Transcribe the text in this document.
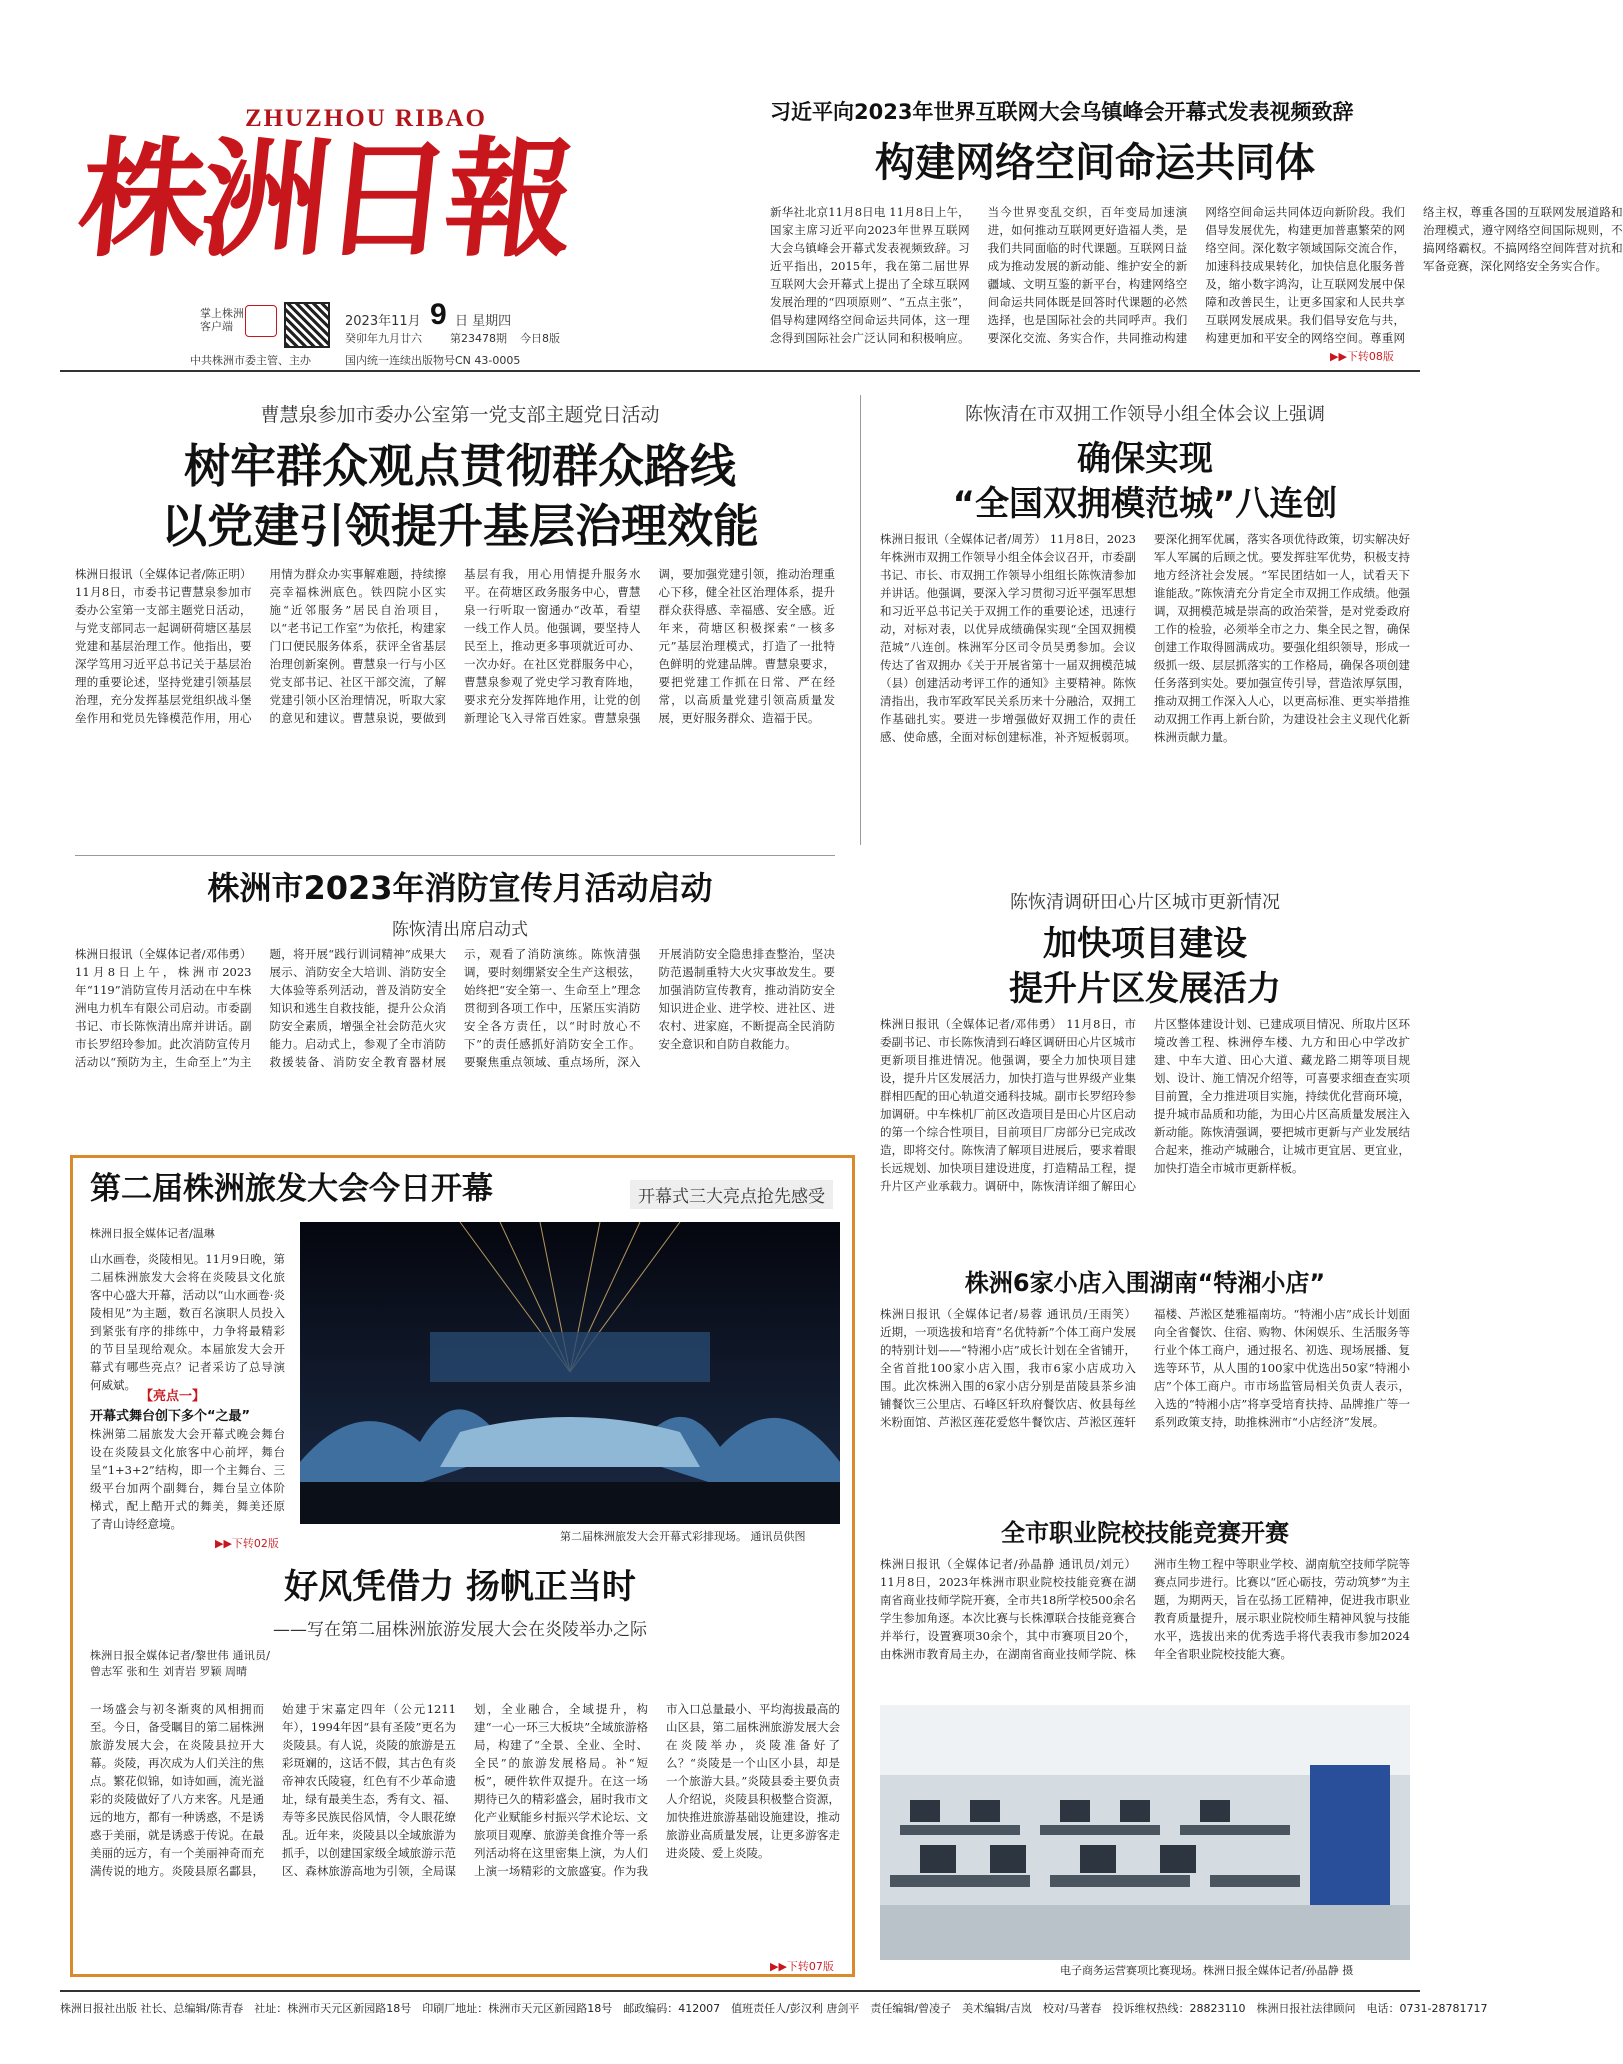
ZHUZHOU RIBAO
株洲日報
掌上株洲
客户端	2023年11月 9 日 星期四
癸卯年九月廿六	第23478期 今日8版
中共株洲市委主管、主办	国内统一连续出版物号CN 43-0005
习近平向2023年世界互联网大会乌镇峰会开幕式发表视频致辞
构建网络空间命运共同体
新华社北京11月8日电 11月8日上午，国家主席习近平向2023年世界互联网大会乌镇峰会开幕式发表视频致辞。习近平指出，2015年，我在第二届世界互联网大会开幕式上提出了全球互联网发展治理的“四项原则”、“五点主张”，倡导构建网络空间命运共同体，这一理念得到国际社会广泛认同和积极响应。当今世界变乱交织，百年变局加速演进，如何推动互联网更好造福人类，是我们共同面临的时代课题。互联网日益成为推动发展的新动能、维护安全的新疆域、文明互鉴的新平台，构建网络空间命运共同体既是回答时代课题的必然选择，也是国际社会的共同呼声。我们要深化交流、务实合作，共同推动构建网络空间命运共同体迈向新阶段。我们倡导发展优先，构建更加普惠繁荣的网络空间。深化数字领域国际交流合作，加速科技成果转化，加快信息化服务普及，缩小数字鸿沟，让互联网发展中保障和改善民生，让更多国家和人民共享互联网发展成果。我们倡导安危与共，构建更加和平安全的网络空间。尊重网络主权，尊重各国的互联网发展道路和治理模式，遵守网络空间国际规则，不搞网络霸权。不搞网络空间阵营对抗和军备竞赛，深化网络安全务实合作。
▶▶下转08版
曹慧泉参加市委办公室第一党支部主题党日活动
树牢群众观点贯彻群众路线
以党建引领提升基层治理效能
株洲日报讯（全媒体记者/陈正明） 11月8日，市委书记曹慧泉参加市委办公室第一支部主题党日活动，与党支部同志一起调研荷塘区基层党建和基层治理工作。他指出，要深学笃用习近平总书记关于基层治理的重要论述，坚持党建引领基层治理，充分发挥基层党组织战斗堡垒作用和党员先锋模范作用，用心用情为群众办实事解难题，持续擦亮幸福株洲底色。铁四院小区实施“近邻服务”居民自治项目，以“老书记工作室”为依托，构建家门口便民服务体系，获评全省基层治理创新案例。曹慧泉一行与小区党支部书记、社区干部交流，了解党建引领小区治理情况，听取大家的意见和建议。曹慧泉说，要做到基层有我，用心用情提升服务水平。在荷塘区政务服务中心，曹慧泉一行听取一窗通办“改革，看望一线工作人员。他强调，要坚持人民至上，推动更多事项就近可办、一次办好。在社区党群服务中心，曹慧泉参观了党史学习教育阵地，要求充分发挥阵地作用，让党的创新理论飞入寻常百姓家。曹慧泉强调，要加强党建引领，推动治理重心下移，健全社区治理体系，提升群众获得感、幸福感、安全感。近年来，荷塘区积极探索“一核多元”基层治理模式，打造了一批特色鲜明的党建品牌。曹慧泉要求，要把党建工作抓在日常、严在经常，以高质量党建引领高质量发展，更好服务群众、造福于民。
陈恢清在市双拥工作领导小组全体会议上强调
确保实现
“全国双拥模范城”八连创
株洲日报讯（全媒体记者/周芳） 11月8日，2023年株洲市双拥工作领导小组全体会议召开，市委副书记、市长、市双拥工作领导小组组长陈恢清参加并讲话。他强调，要深入学习贯彻习近平强军思想和习近平总书记关于双拥工作的重要论述，迅速行动，对标对表，以优异成绩确保实现“全国双拥模范城”八连创。株洲军分区司令员吴勇参加。会议传达了省双拥办《关于开展省第十一届双拥模范城（县）创建活动考评工作的通知》主要精神。陈恢清指出，我市军政军民关系历来十分融洽，双拥工作基础扎实。要进一步增强做好双拥工作的责任感、使命感，全面对标创建标准，补齐短板弱项。要深化拥军优属，落实各项优待政策，切实解决好军人军属的后顾之忧。要发挥驻军优势，积极支持地方经济社会发展。“军民团结如一人，试看天下谁能敌。”陈恢清充分肯定全市双拥工作成绩。他强调，双拥模范城是崇高的政治荣誉，是对党委政府工作的检验，必须举全市之力、集全民之智，确保创建工作取得圆满成功。要强化组织领导，形成一级抓一级、层层抓落实的工作格局，确保各项创建任务落到实处。要加强宣传引导，营造浓厚氛围，推动双拥工作深入人心，以更高标准、更实举措推动双拥工作再上新台阶，为建设社会主义现代化新株洲贡献力量。
株洲市2023年消防宣传月活动启动
陈恢清出席启动式
株洲日报讯（全媒体记者/邓伟勇） 11月8日上午，株洲市2023年“119”消防宣传月活动在中车株洲电力机车有限公司启动。市委副书记、市长陈恢清出席并讲话。副市长罗绍玲参加。此次消防宣传月活动以“预防为主，生命至上”为主题，将开展“践行训词精神”成果大展示、消防安全大培训、消防安全大体验等系列活动，普及消防安全知识和逃生自救技能，提升公众消防安全素质，增强全社会防范火灾能力。启动式上，参观了全市消防救援装备、消防安全教育器材展示，观看了消防演练。陈恢清强调，要时刻绷紧安全生产这根弦，始终把“安全第一、生命至上”理念贯彻到各项工作中，压紧压实消防安全各方责任，以“时时放心不下”的责任感抓好消防安全工作。要聚焦重点领域、重点场所，深入开展消防安全隐患排查整治，坚决防范遏制重特大火灾事故发生。要加强消防宣传教育，推动消防安全知识进企业、进学校、进社区、进农村、进家庭，不断提高全民消防安全意识和自防自救能力。
陈恢清调研田心片区城市更新情况
加快项目建设
提升片区发展活力
株洲日报讯（全媒体记者/邓伟勇） 11月8日，市委副书记、市长陈恢清到石峰区调研田心片区城市更新项目推进情况。他强调，要全力加快项目建设，提升片区发展活力，加快打造与世界级产业集群相匹配的田心轨道交通科技城。副市长罗绍玲参加调研。中车株机厂前区改造项目是田心片区启动的第一个综合性项目，目前项目厂房部分已完成改造，即将交付。陈恢清了解项目进展后，要求着眼长远规划、加快项目建设进度，打造精品工程，提升片区产业承载力。调研中，陈恢清详细了解田心片区整体建设计划、已建成项目情况、所取片区环境改善工程、株洲停车楼、九方和田心中学改扩建、中车大道、田心大道、藏龙路二期等项目规划、设计、施工情况介绍等，可喜要求细查查实项目前置，全力推进项目实施，持续优化营商环境，提升城市品质和功能，为田心片区高质量发展注入新动能。陈恢清强调，要把城市更新与产业发展结合起来，推动产城融合，让城市更宜居、更宜业，加快打造全市城市更新样板。
第二届株洲旅发大会今日开幕	开幕式三大亮点抢先感受
株洲日报全媒体记者/温琳
山水画卷，炎陵相见。11月9日晚，第二届株洲旅发大会将在炎陵县文化旅客中心盛大开幕，活动以“山水画卷·炎陵相见”为主题，数百名演职人员投入到紧张有序的排练中，力争将最精彩的节目呈现给观众。本届旅发大会开幕式有哪些亮点？记者采访了总导演何威斌。
【亮点一】
开幕式舞台创下多个“之最”
株洲第二届旅发大会开幕式晚会舞台设在炎陵县文化旅客中心前坪，舞台呈“1+3+2”结构，即一个主舞台、三级平台加两个副舞台，舞台呈立体阶梯式，配上酷开式的舞美，舞美还原了青山诗经意境。
▶▶下转02版
第二届株洲旅发大会开幕式彩排现场。 通讯员供图
好风凭借力 扬帆正当时
——写在第二届株洲旅游发展大会在炎陵举办之际
株洲日报全媒体记者/黎世伟 通讯员/曾志军 张和生 刘青岩 罗颖 周晴
一场盛会与初冬渐爽的风相拥而至。今日，备受瞩目的第二届株洲旅游发展大会，在炎陵县拉开大幕。炎陵，再次成为人们关注的焦点。繁花似锦，如诗如画，流光溢彩的炎陵做好了八方来客。凡是通远的地方，都有一种诱惑，不是诱惑于美丽，就是诱惑于传说。在最美丽的远方，有一个美丽神奇而充满传说的地方。炎陵县原名酃县，始建于宋嘉定四年（公元1211年），1994年因“县有圣陵”更名为炎陵县。有人说，炎陵的旅游是五彩斑斓的，这话不假，其古色有炎帝神农氏陵寝，红色有不少革命遗址，绿有最美生态，秀有文、福、寿等多民族民俗风情，令人眼花缭乱。近年来，炎陵县以全域旅游为抓手，以创建国家级全域旅游示范区、森林旅游高地为引领，全局谋划，全业融合，全域提升，构建“一心一环三大板块”全域旅游格局，构建了“全景、全业、全时、全民”的旅游发展格局。补“短板”，硬件软件双提升。在这一场期待已久的精彩盛会，届时我市文化产业赋能乡村振兴学术论坛、文旅项目观摩、旅游美食推介等一系列活动将在这里密集上演，为人们上演一场精彩的文旅盛宴。作为我市入口总量最小、平均海拔最高的山区县，第二届株洲旅游发展大会在炎陵举办，炎陵准备好了么？“炎陵是一个山区小县，却是一个旅游大县。”炎陵县委主要负责人介绍说，炎陵县积极整合资源，加快推进旅游基础设施建设，推动旅游业高质量发展，让更多游客走进炎陵、爱上炎陵。
▶▶下转07版
株洲6家小店入围湖南“特湘小店”
株洲日报讯（全媒体记者/易蓉 通讯员/王雨笑） 近期，一项选拔和培育“名优特新”个体工商户发展的特别计划——“特湘小店”成长计划在全省铺开，全省首批100家小店入围，我市6家小店成功入围。此次株洲入围的6家小店分别是苗陵县茶乡油铺餐饮三公里店、石峰区轩玖府餐饮店、攸县每丝米粉面馆、芦淞区莲花爱悠牛餐饮店、芦淞区莲轩福楼、芦淞区楚雅福南坊。“特湘小店”成长计划面向全省餐饮、住宿、购物、休闲娱乐、生活服务等行业个体工商户，通过报名、初选、现场展播、复选等环节，从人围的100家中优选出50家“特湘小店”个体工商户。市市场监管局相关负责人表示，入选的“特湘小店”将享受培育扶持、品牌推广等一系列政策支持，助推株洲市“小店经济”发展。
全市职业院校技能竞赛开赛
株洲日报讯（全媒体记者/孙晶静 通讯员/刘元） 11月8日，2023年株洲市职业院校技能竞赛在湖南省商业技师学院开赛，全市共18所学校500余名学生参加角逐。本次比赛与长株潭联合技能竞赛合并举行，设置赛项30余个，其中市赛项目20个，由株洲市教育局主办，在湖南省商业技师学院、株洲市生物工程中等职业学校、湖南航空技师学院等赛点同步进行。比赛以“匠心砺技，劳动筑梦”为主题，为期两天，旨在弘扬工匠精神，促进我市职业教育质量提升，展示职业院校师生精神风貌与技能水平，选拔出来的优秀选手将代表我市参加2024年全省职业院校技能大赛。
电子商务运营赛项比赛现场。株洲日报全媒体记者/孙晶静 摄
株洲日报社出版 社长、总编辑/陈青春　社址：株洲市天元区新园路18号　印刷厂地址：株洲市天元区新园路18号　邮政编码：412007　值班责任人/彭汉利 唐剑平　责任编辑/曾凌子　美术编辑/吉岚　校对/马著春　投诉维权热线：28823110　株洲日报社法律顾问　电话：0731-28781717
